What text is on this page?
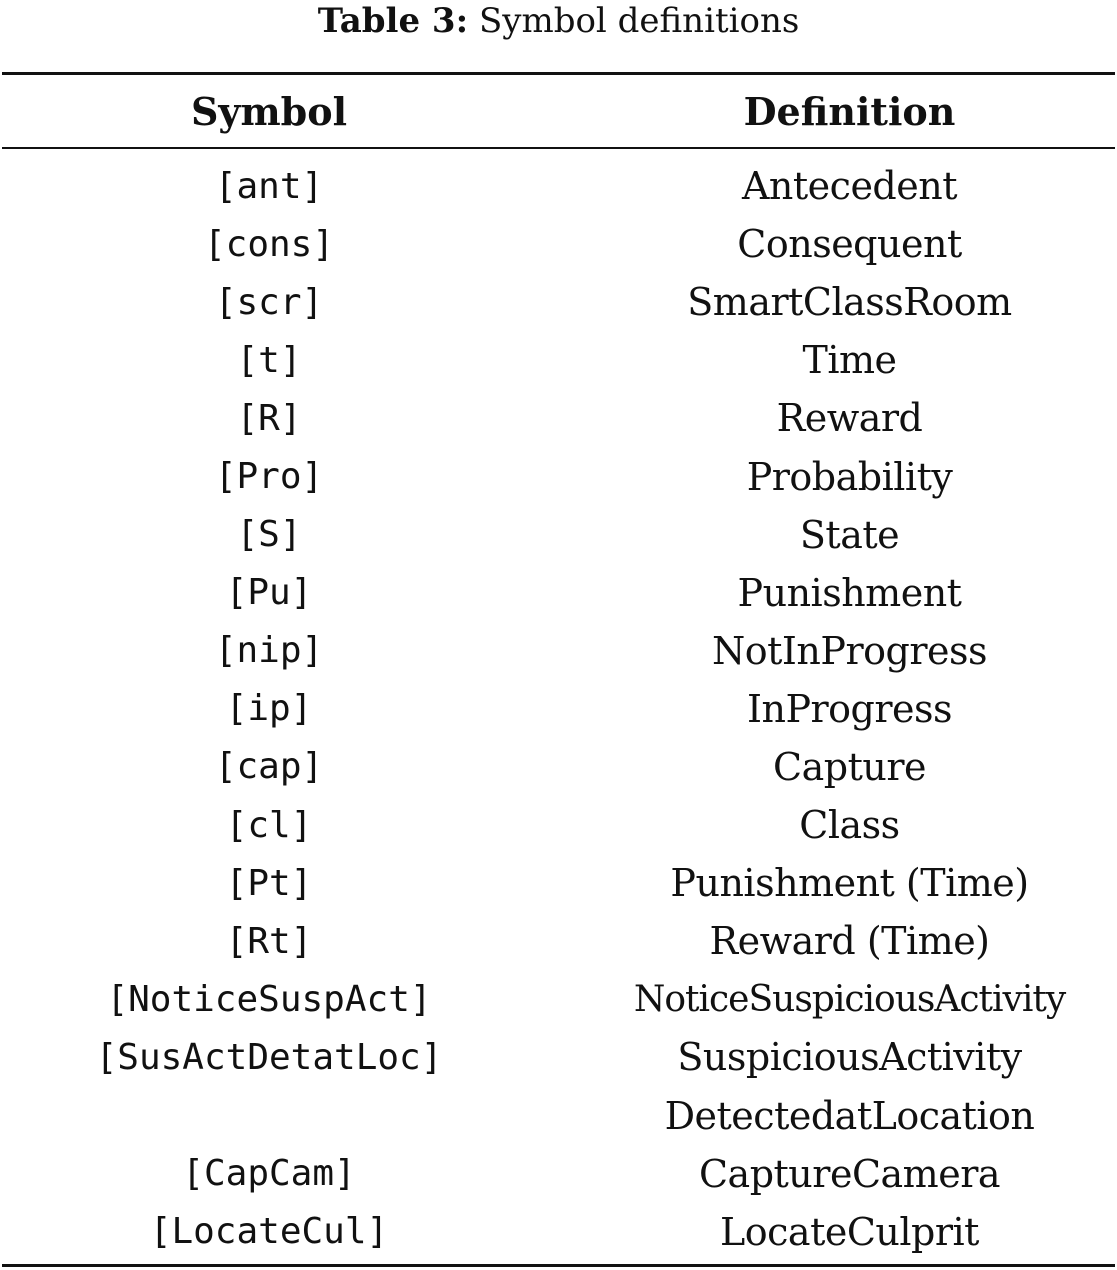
Table 3: Symbol definitions
Symbol	Definition
[ant]	Antecedent
[cons]	Consequent
[scr]	SmartClassRoom
[t]	Time
[R]	Reward
[Pro]	Probability
[S]	State
[Pu]	Punishment
[nip]	NotInProgress
[ip]	InProgress
[cap]	Capture
[cl]	Class
[Pt]	Punishment (Time)
[Rt]	Reward (Time)
[NoticeSuspAct]	NoticeSuspiciousActivity
[SusActDetatLoc]	SuspiciousActivity
DetectedatLocation
[CapCam]	CaptureCamera
[LocateCul]	LocateCulprit
